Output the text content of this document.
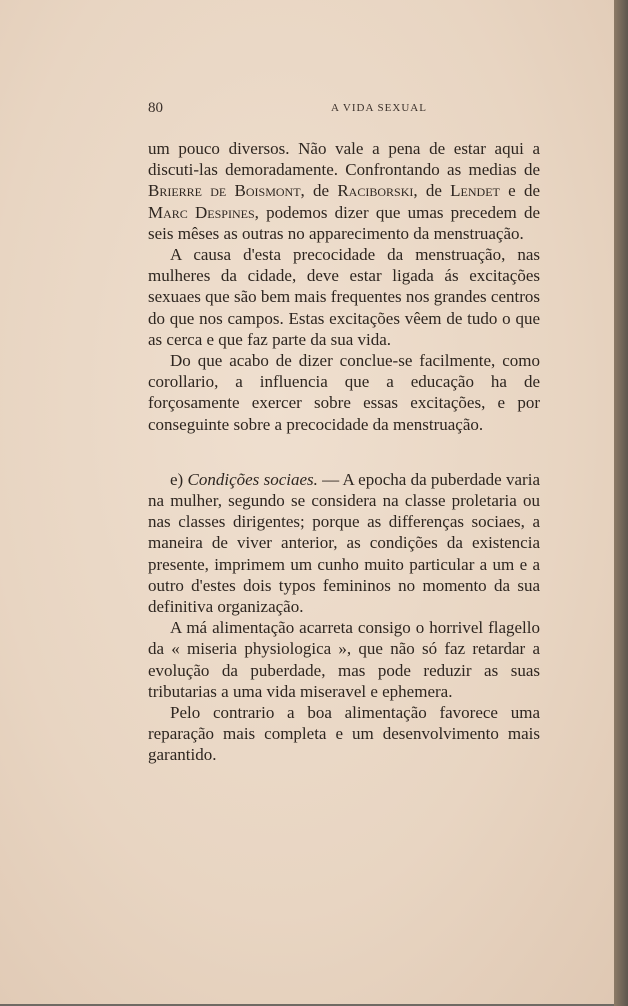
80	A VIDA SEXUAL

um pouco diversos. Não vale a pena de estar aqui a discuti-las demoradamente. Confrontando as medias de Brierre de Boismont, de Raciborski, de Lendet e de Marc Despines, podemos dizer que umas precedem de seis mêses as outras no apparecimento da menstruação.

A causa d'esta precocidade da menstruação, nas mulheres da cidade, deve estar ligada ás excitações sexuaes que são bem mais frequentes nos grandes centros do que nos campos. Estas excitações vêem de tudo o que as cerca e que faz parte da sua vida.

Do que acabo de dizer conclue-se facilmente, como corollario, a influencia que a educação ha de forçosamente exercer sobre essas excitações, e por conseguinte sobre a precocidade da menstruação.

e) Condições sociaes. — A epocha da puberdade varia na mulher, segundo se considera na classe proletaria ou nas classes dirigentes; porque as differenças sociaes, a maneira de viver anterior, as condições da existencia presente, imprimem um cunho muito particular a um e a outro d'estes dois typos femininos no momento da sua definitiva organização.

A má alimentação acarreta consigo o horrivel flagello da « miseria physiologica », que não só faz retardar a evolução da puberdade, mas pode reduzir as suas tributarias a uma vida miseravel e ephemera.

Pelo contrario a boa alimentação favorece uma reparação mais completa e um desenvolvimento mais garantido.
